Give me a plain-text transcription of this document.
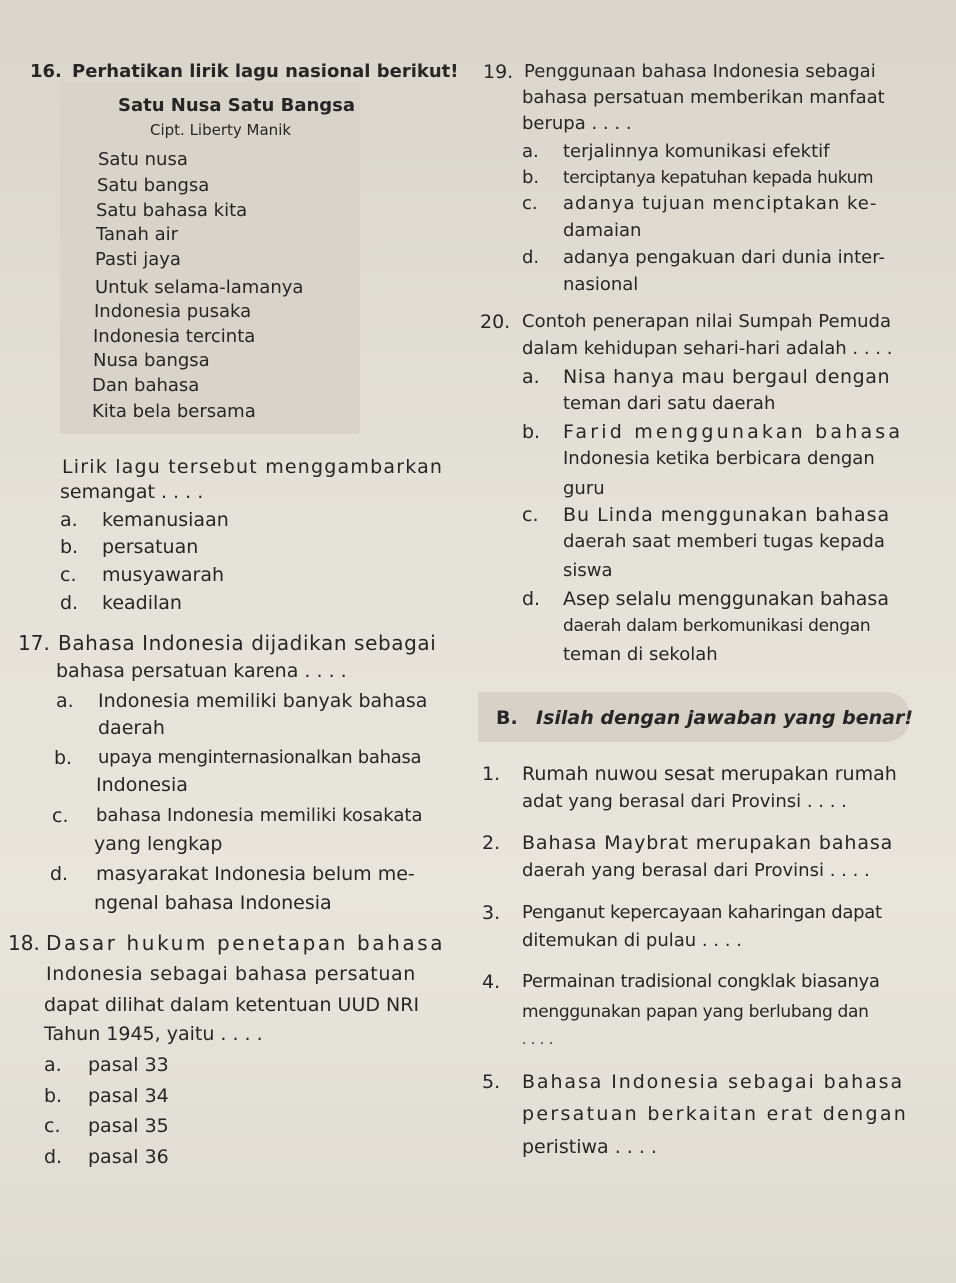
16. Perhatikan lirik lagu nasional berikut!
Satu Nusa Satu Bangsa
Cipt. Liberty Manik
Satu nusa
Satu bangsa
Satu bahasa kita
Tanah air
Pasti jaya
Untuk selama-lamanya
Indonesia pusaka
Indonesia tercinta
Nusa bangsa
Dan bahasa
Kita bela bersama
Lirik lagu tersebut menggambarkan
semangat . . . .
a. kemanusiaan
b. persatuan
c. musyawarah
d. keadilan
17. Bahasa Indonesia dijadikan sebagai
bahasa persatuan karena . . . .
a. Indonesia memiliki banyak bahasa
daerah
b. upaya menginternasionalkan bahasa
Indonesia
c. bahasa Indonesia memiliki kosakata
yang lengkap
d. masyarakat Indonesia belum me-
ngenal bahasa Indonesia
18. Dasar hukum penetapan bahasa
Indonesia sebagai bahasa persatuan
dapat dilihat dalam ketentuan UUD NRI
Tahun 1945, yaitu . . . .
a. pasal 33
b. pasal 34
c. pasal 35
d. pasal 36
19. Penggunaan bahasa Indonesia sebagai
bahasa persatuan memberikan manfaat
berupa . . . .
a. terjalinnya komunikasi efektif
b. terciptanya kepatuhan kepada hukum
c. adanya tujuan menciptakan ke-
damaian
d. adanya pengakuan dari dunia inter-
nasional
20. Contoh penerapan nilai Sumpah Pemuda
dalam kehidupan sehari-hari adalah . . . .
a. Nisa hanya mau bergaul dengan
teman dari satu daerah
b. Farid menggunakan bahasa
Indonesia ketika berbicara dengan
guru
c. Bu Linda menggunakan bahasa
daerah saat memberi tugas kepada
siswa
d. Asep selalu menggunakan bahasa
daerah dalam berkomunikasi dengan
teman di sekolah
B. Isilah dengan jawaban yang benar!
1. Rumah nuwou sesat merupakan rumah
adat yang berasal dari Provinsi . . . .
2. Bahasa Maybrat merupakan bahasa
daerah yang berasal dari Provinsi . . . .
3. Penganut kepercayaan kaharingan dapat
ditemukan di pulau . . . .
4. Permainan tradisional congklak biasanya
menggunakan papan yang berlubang dan
. . . .
5. Bahasa Indonesia sebagai bahasa
persatuan berkaitan erat dengan
peristiwa . . . .
